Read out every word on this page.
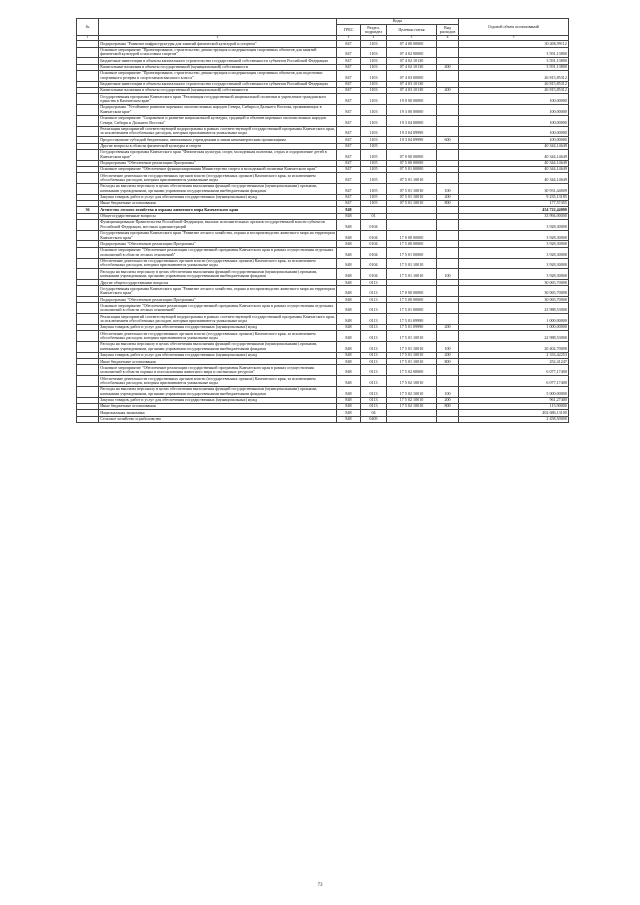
№		Коды				Годовой объем ассигнований
		ГРБС	Раздел, подраздел	Целевая статья	Вид расходов	
1	2	3	4	5	6	7
	Подпрограмма "Развитие инфраструктуры для занятий физической культурой и спортом"	847	1103	07 4 00 00000		30 406,99112
	Основное мероприятие "Проектирование, строительство, реконструкция и модернизация спортивных объектов для занятий физической культурой и массовым спортом"	847	1103	07 4 02 00000		3 591,13800
	Бюджетные инвестиции в объекты капитального строительства государственной собственности субъектов Российской Федерации	847	1103	07 4 02 10130		3 591,13800
	Капитальные вложения в объекты государственной (муниципальной) собственности	847	1103	07 4 02 10130	400	3 591,13800
	Основное мероприятие "Проектирование, строительство, реконструкция и модернизация спортивных объектов для подготовки спортивного резерва и спортсменов высокого класса"	847	1103	07 4 03 00000		26 815,85312
	Бюджетные инвестиции в объекты капитального строительства государственной собственности субъектов Российской Федерации	847	1103	07 4 03 10130		26 815,85312
	Капитальные вложения в объекты государственной (муниципальной) собственности	847	1103	07 4 03 10130	400	26 815,85312
	Государственная программа Камчатского края "Реализация государственной национальной политики и укрепление гражданского единства в Камчатском крае"	847	1103	19 0 00 00000		100,00000
	Подпрограмма "Устойчивое развитие коренных малочисленных народов Севера, Сибири и Дальнего Востока, проживающих в Камчатском крае"	847	1103	19 3 00 00000		100,00000
	Основное мероприятие "Сохранение и развитие национальной культуры, традиций и обычаев коренных малочисленных народов Севера, Сибири и Дальнего Востока"	847	1103	19 3 04 00000		100,00000
	Реализация мероприятий соответствующей подпрограммы в рамках соответствующей государственной программы Камчатского края, за исключением обособленных расходов, которым присваиваются уникальные коды	847	1103	19 3 04 09990		100,00000
	Предоставление субсидий бюджетным, автономным учреждениям и иным некоммерческим организациям	847	1103	19 3 04 09990	600	100,00000
	Другие вопросы в области физической культуры и спорта	847	1105			40 344,14649
	Государственная программа Камчатского края "Физическая культура, спорт, молодежная политика, отдых и оздоровление детей в Камчатском крае"	847	1105	07 0 00 00000		40 344,14649
	Подпрограмма "Обеспечение реализации Программы"	847	1105	07 5 00 00000		40 344,14649
	Основное мероприятие "Обеспечение функционирования Министерства спорта и молодежной политики Камчатского края"	847	1105	07 5 01 00000		40 344,14649
	Обеспечение деятельности государственных органов власти (государственных органов) Камчатского края, за исключением обособленных расходов, которым присваиваются уникальные коды	847	1105	07 5 01 10010		40 344,14649
	Расходы на выплаты персоналу в целях обеспечения выполнения функций государственными (муниципальными) органами, казенными учреждениями, органами управления государственными внебюджетными фондами	847	1105	07 5 01 10010	100	30 931,44009
	Закупка товаров, работ и услуг для обеспечения государственных (муниципальных) нужд	847	1105	07 5 01 10010	200	9 235,13185
	Иные бюджетные ассигнования	847	1105	07 5 01 10010	800	177,57455
36	Агентство лесного хозяйства и охраны животного мира Камчатского края	848				454 722,44000
	Общегосударственные вопросы	848	01			33 994,00000
	Функционирование Правительства Российской Федерации, высших исполнительных органов государственной власти субъектов Российской Федерации, местных администраций	848	0104			3 928,30000
	Государственная программа Камчатского края "Развитие лесного хозяйства, охрана и воспроизводство животного мира на территории Камчатского края"	848	0104	17 0 00 00000		3 928,30000
	Подпрограмма "Обеспечение реализации Программы"	848	0104	17 5 00 00000		3 928,30000
	Основное мероприятие "Обеспечение реализации государственной программы Камчатского края в рамках осуществления отдельных полномочий в области лесных отношений"	848	0104	17 5 01 00000		3 928,30000
	Обеспечение деятельности государственных органов власти (государственных органов) Камчатского края, за исключением обособленных расходов, которым присваиваются уникальные коды	848	0104	17 5 01 10010		3 928,30000
	Расходы на выплаты персоналу в целях обеспечения выполнения функций государственными (муниципальными) органами, казенными учреждениями, органами управления государственными внебюджетными фондами	848	0104	17 5 01 10010	100	3 928,30000
	Другие общегосударственные вопросы	848	0113			30 065,70000
	Государственная программа Камчатского края "Развитие лесного хозяйства, охрана и воспроизводство животного мира на территории Камчатского края"	848	0113	17 0 00 00000		30 065,70000
	Подпрограмма "Обеспечение реализации Программы"	848	0113	17 5 00 00000		30 065,70000
	Основное мероприятие "Обеспечение реализации государственной программы Камчатского края в рамках осуществления отдельных полномочий в области лесных отношений"	848	0113	17 5 01 00000		23 988,53000
	Реализация мероприятий соответствующей подпрограммы в рамках соответствующей государственной программы Камчатского края, за исключением обособленных расходов, которым присваиваются уникальные коды	848	0113	17 5 01 09990		1 000,00000
	Закупка товаров, работ и услуг для обеспечения государственных (муниципальных) нужд	848	0113	17 5 01 09990	200	1 000,00000
	Обеспечение деятельности государственных органов власти (государственных органов) Камчатского края, за исключением обособленных расходов, которым присваиваются уникальные коды	848	0113	17 5 01 10010		22 988,53000
	Расходы на выплаты персоналу в целях обеспечения выполнения функций государственными (муниципальными) органами, казенными учреждениями, органами управления государственными внебюджетными фондами	848	0113	17 5 01 10010	100	20 402,70000
	Закупка товаров, работ и услуг для обеспечения государственных (муниципальных) нужд	848	0113	17 5 01 10010	200	2 333,42253
	Иные бюджетные ассигнования	848	0113	17 5 01 10010	800	252,41247
	Основное мероприятие "Обеспечение реализации государственной программы Камчатского края в рамках осуществления полномочий в области охраны и использования животного мира и охотничьих ресурсов"	848	0113	17 5 02 00000		6 077,17400
	Обеспечение деятельности государственных органов власти (государственных органов) Камчатского края, за исключением обособленных расходов, которым присваиваются уникальные коды	848	0113	17 5 02 10010		6 077,17400
	Расходы на выплаты персоналу в целях обеспечения выполнения функций государственными (муниципальными) органами, казенными учреждениями, органами управления государственными внебюджетными фондами	848	0113	17 5 02 10010	100	5 000,00000
	Закупка товаров, работ и услуг для обеспечения государственных (муниципальных) нужд	848	0113	17 5 02 10010	200	961,27400
	Иные бюджетные ассигнования	848	0113	17 5 02 10010	800	115,90000
	Национальная экономика	848	04			402 686,13100
	Сельское хозяйство и рыболовство	848	0405			2 458,50000
73
